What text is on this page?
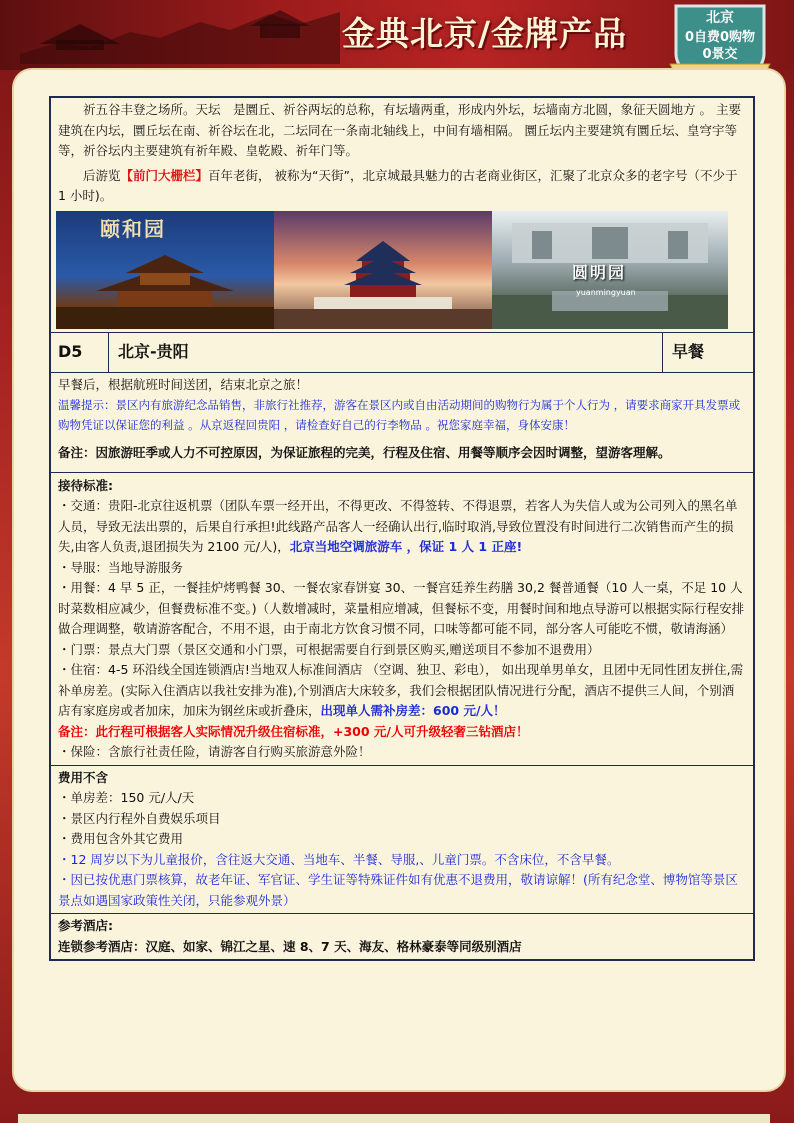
金典北京/金牌产品	北京
0自费0购物
0景交
祈五谷丰登之场所。天坛　是圜丘、祈谷两坛的总称，有坛墙两重，形成内外坛，坛墙南方北圆，象征天圆地方 。 主要建筑在内坛，圜丘坛在南、祈谷坛在北，二坛同在一条南北轴线上，中间有墙相隔。 圜丘坛内主要建筑有圜丘坛、皇穹宇等等，祈谷坛内主要建筑有祈年殿、皇乾殿、祈年门等。
后游览【前门大栅栏】百年老街， 被称为“天街”，北京城最具魅力的古老商业街区，汇聚了北京众多的老字号（不少于 1 小时)。
颐和园
圆明园
yuanmingyuan
D5	北京-贵阳	早餐
早餐后，根据航班时间送团，结束北京之旅！
温馨提示：景区内有旅游纪念品销售，非旅行社推荐，游客在景区内或自由活动期间的购物行为属于个人行为 ，请要求商家开具发票或购物凭证以保证您的利益 。从京返程回贵阳 ，请检查好自己的行李物品 。祝您家庭幸福，身体安康！
备注：因旅游旺季或人力不可控原因，为保证旅程的完美，行程及住宿、用餐等顺序会因时调整，望游客理解。
接待标准:
・交通：贵阳-北京往返机票（团队车票一经开出，不得更改、不得签转、不得退票，若客人为失信人或为公司列入的黑名单人员，导致无法出票的，后果自行承担!此线路产品客人一经确认出行,临时取消,导致位置没有时间进行二次销售而产生的损失,由客人负责,退团损失为 2100 元/人)，北京当地空调旅游车 ，保证 1 人 1 正座!
・导服：当地导游服务
・用餐：4 早 5 正，一餐挂炉烤鸭餐 30、一餐农家春饼宴 30、一餐宫廷养生药膳 30,2 餐普通餐（10 人一桌，不足 10 人时菜数相应减少，但餐费标准不变。)（人数增减时，菜量相应增减，但餐标不变，用餐时间和地点导游可以根据实际行程安排做合理调整，敬请游客配合，不用不退，由于南北方饮食习惯不同，口味等都可能不同，部分客人可能吃不惯，敬请海涵）
・门票：景点大门票（景区交通和小门票，可根据需要自行到景区购买,赠送项目不参加不退费用）
・住宿：4-5 环沿线全国连锁酒店!当地双人标准间酒店 （空调、独卫、彩电）， 如出现单男单女，且团中无同性团友拼住,需补单房差。(实际入住酒店以我社安排为准),个别酒店大床较多，我们会根据团队情况进行分配，酒店不提供三人间，个别酒店有家庭房或者加床，加床为钢丝床或折叠床，出现单人需补房差：600 元/人！
备注：此行程可根据客人实际情况升级住宿标准，+300 元/人可升级轻奢三钻酒店！
・保险：含旅行社责任险，请游客自行购买旅游意外险！
费用不含
・单房差：150 元/人/天
・景区内行程外自费娱乐项目
・费用包含外其它费用
・12 周岁以下为儿童报价，含往返大交通、当地车、半餐、导服,、儿童门票。不含床位，不含早餐。
・因已按优惠门票核算，故老年证、军官证、学生证等特殊证件如有优惠不退费用，敬请谅解！(所有纪念堂、博物馆等景区景点如遇国家政策性关闭，只能参观外景）
参考酒店:
连锁参考酒店：汉庭、如家、锦江之星、速 8、7 天、海友、格林豪泰等同级别酒店
